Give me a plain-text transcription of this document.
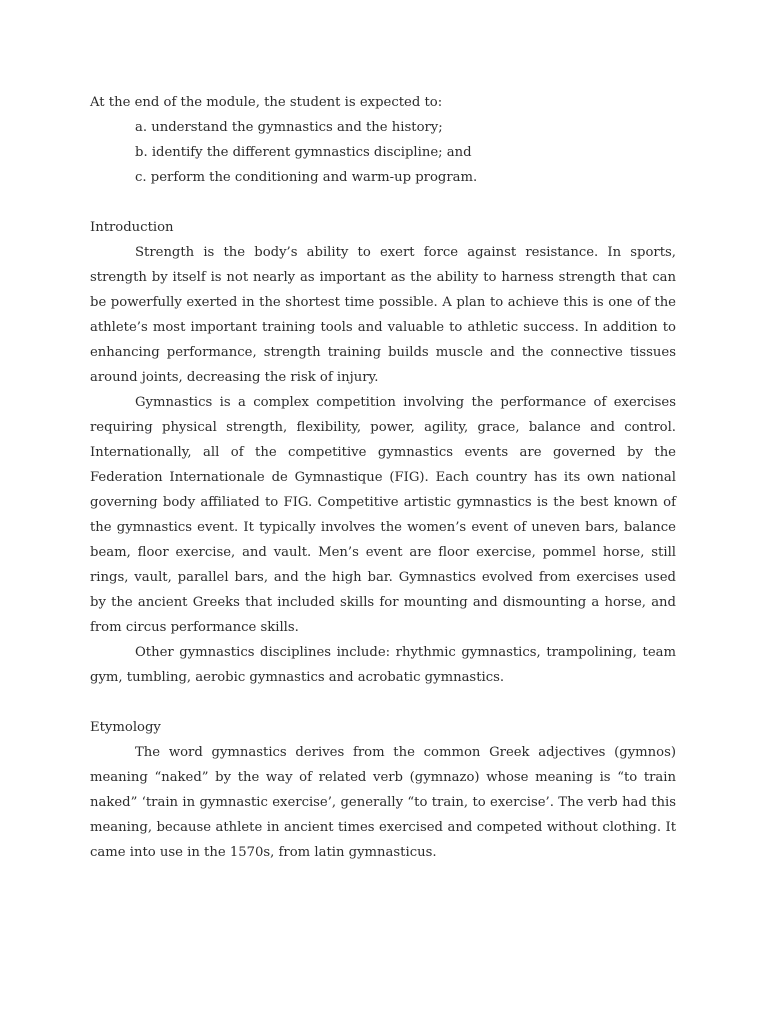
At the end of the module, the student is expected to:

a. understand the gymnastics and the history;

b. identify the different gymnastics discipline; and

c. perform the conditioning and warm-up program.

Introduction

Strength is the body’s ability to exert force against resistance. In sports, strength by itself is not nearly as important as the ability to harness strength that can be powerfully exerted in the shortest time possible. A plan to achieve this is one of the athlete’s most important training tools and valuable to athletic success. In addition to enhancing performance, strength training builds muscle and the connective tissues around joints, decreasing the risk of injury.

Gymnastics is a complex competition involving the performance of exercises requiring physical strength, flexibility, power, agility, grace, balance and control. Internationally, all of the competitive gymnastics events are governed by the Federation Internationale de Gymnastique (FIG). Each country has its own national governing body affiliated to FIG. Competitive artistic gymnastics is the best known of the gymnastics event. It typically involves the women’s event of uneven bars, balance beam, floor exercise, and vault. Men’s event are floor exercise, pommel horse, still rings, vault, parallel bars, and the high bar. Gymnastics evolved from exercises used by the ancient Greeks that included skills for mounting and dismounting a horse, and from circus performance skills.

Other gymnastics disciplines include: rhythmic gymnastics, trampolining, team gym, tumbling, aerobic gymnastics and acrobatic gymnastics.

Etymology

The word gymnastics derives from the common Greek adjectives (gymnos) meaning “naked” by the way of related verb (gymnazo) whose meaning is “to train naked” ‘train in gymnastic exercise’, generally “to train, to exercise’. The verb had this meaning, because athlete in ancient times exercised and competed without clothing. It came into use in the 1570s, from latin gymnasticus.
